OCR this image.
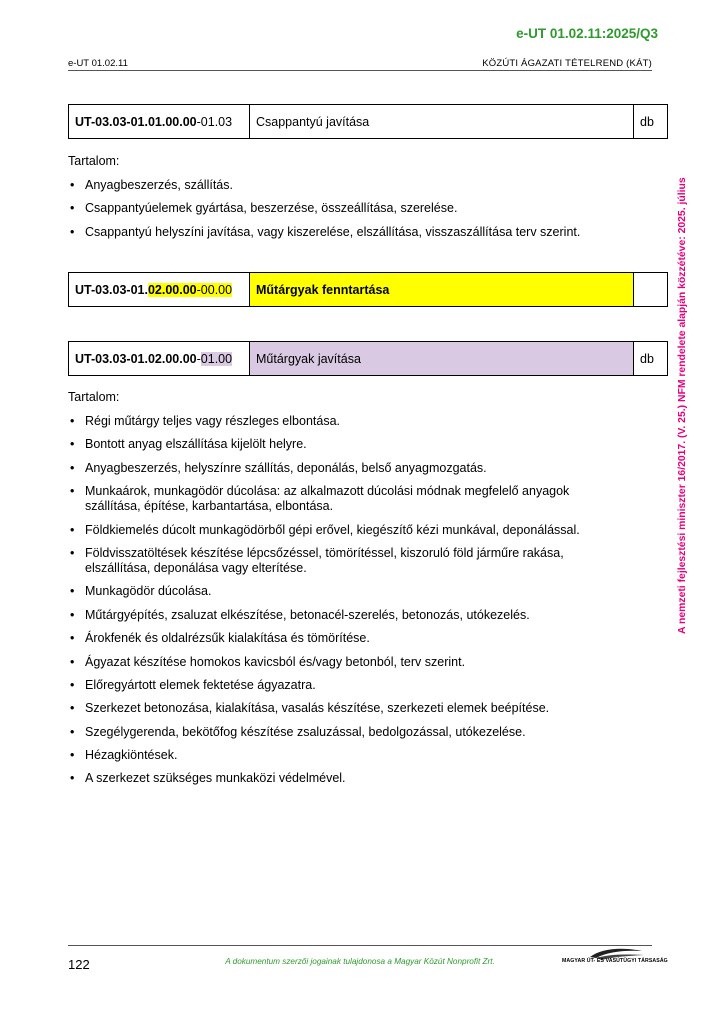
e-UT 01.02.11:2025/Q3
e-UT 01.02.11	KÖZÚTI ÁGAZATI TÉTELREND (KÁT)
A nemzeti fejlesztési miniszter 16/2017. (V. 25.) NFM rendelete alapján közzétéve: 2025. július
UT-03.03-01.01.00.00-01.03	Csappantyú javítása	db
Tartalom:
• Anyagbeszerzés, szállítás.
• Csappantyúelemek gyártása, beszerzése, összeállítása, szerelése.
• Csappantyú helyszíni javítása, vagy kiszerelése, elszállítása, visszaszállítása terv szerint.
UT-03.03-01.02.00.00-00.00	Műtárgyak fenntartása	
UT-03.03-01.02.00.00-01.00	Műtárgyak javítása	db
Tartalom:
• Régi műtárgy teljes vagy részleges elbontása.
• Bontott anyag elszállítása kijelölt helyre.
• Anyagbeszerzés, helyszínre szállítás, deponálás, belső anyagmozgatás.
• Munkaárok, munkagödör dúcolása: az alkalmazott dúcolási módnak megfelelő anyagok szállítása, építése, karbantartása, elbontása.
• Földkiemelés dúcolt munkagödörből gépi erővel, kiegészítő kézi munkával, deponálással.
• Földvisszatöltések készítése lépcsőzéssel, tömörítéssel, kiszoruló föld járműre rakása, elszállítása, deponálása vagy elterítése.
• Munkagödör dúcolása.
• Műtárgyépítés, zsaluzat elkészítése, betonacél-szerelés, betonozás, utókezelés.
• Árokfenék és oldalrézsűk kialakítása és tömörítése.
• Ágyazat készítése homokos kavicsból és/vagy betonból, terv szerint.
• Előregyártott elemek fektetése ágyazatra.
• Szerkezet betonozása, kialakítása, vasalás készítése, szerkezeti elemek beépítése.
• Szegélygerenda, bekötőfog készítése zsaluzással, bedolgozással, utókezelése.
• Hézagkiöntések.
• A szerkezet szükséges munkaközi védelmével.
122	A dokumentum szerzői jogainak tulajdonosa a Magyar Közút Nonprofit Zrt.	MAGYAR ÚT- ÉS VASÚTÜGYI TÁRSASÁG
